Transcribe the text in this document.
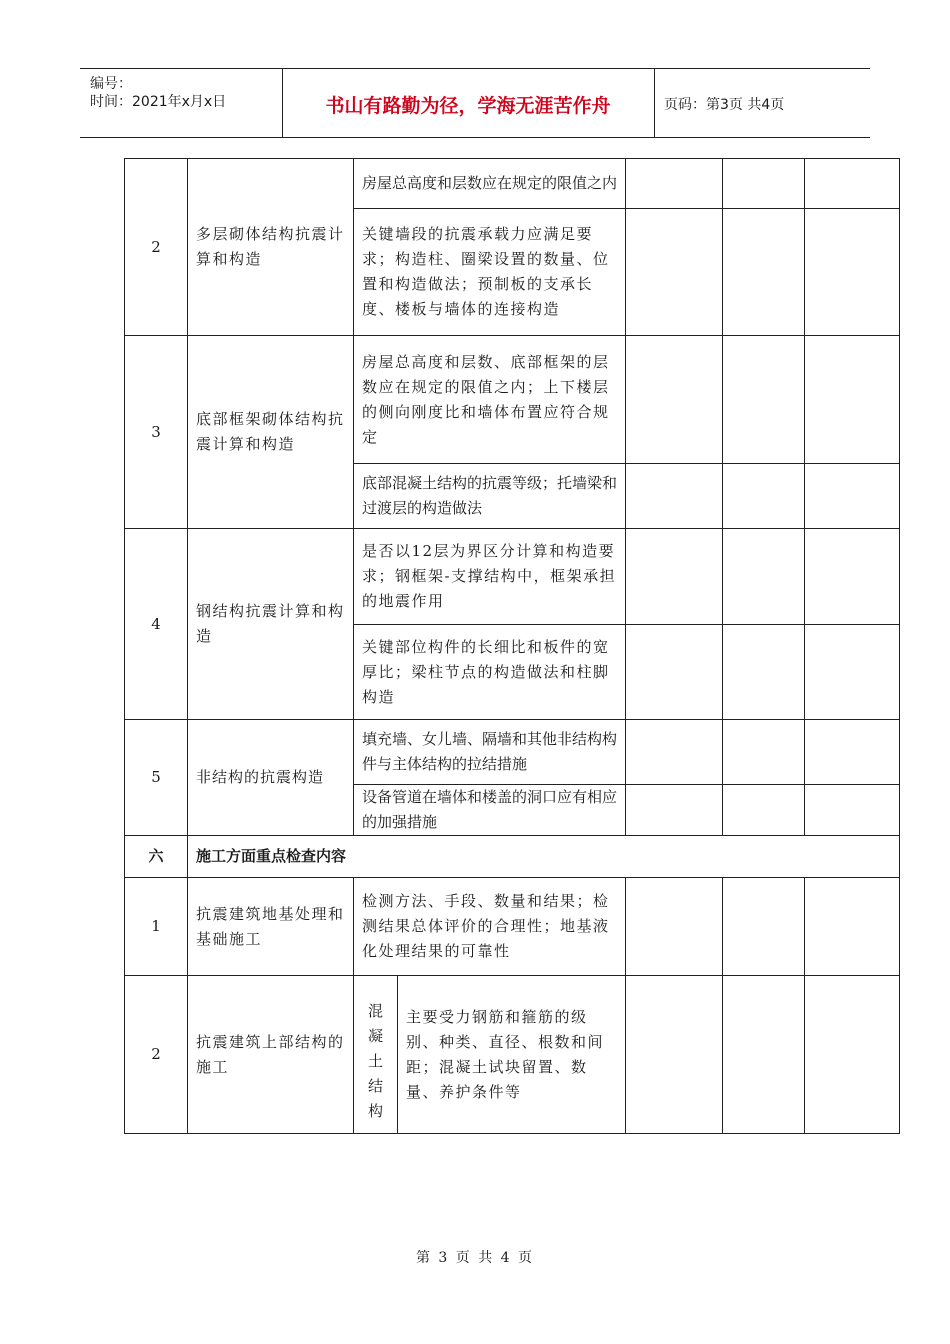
编号：
时间：2021年x月x日	书山有路勤为径，学海无涯苦作舟	页码：第3页 共4页
2	多层砌体结构抗震计算和构造	房屋总高度和层数应在规定的限值之内				
		关键墙段的抗震承载力应满足要求；构造柱、圈梁设置的数量、位置和构造做法；预制板的支承长度、楼板与墙体的连接构造				
3	底部框架砌体结构抗震计算和构造	房屋总高度和层数、底部框架的层数应在规定的限值之内；上下楼层的侧向刚度比和墙体布置应符合规定				
		底部混凝土结构的抗震等级；托墙梁和过渡层的构造做法				
4	钢结构抗震计算和构造	是否以12层为界区分计算和构造要求；钢框架-支撑结构中，框架承担的地震作用				
		关键部位构件的长细比和板件的宽厚比；梁柱节点的构造做法和柱脚构造				
5	非结构的抗震构造	填充墙、女儿墙、隔墙和其他非结构构件与主体结构的拉结措施				
		设备管道在墙体和楼盖的洞口应有相应的加强措施				
六	施工方面重点检查内容					
1	抗震建筑地基处理和基础施工	检测方法、手段、数量和结果；检测结果总体评价的合理性；地基液化处理结果的可靠性				
2	抗震建筑上部结构的施工	混凝土结构	主要受力钢筋和箍筋的级别、种类、直径、根数和间距；混凝土试块留置、数量、养护条件等			
第 3 页 共 4 页
